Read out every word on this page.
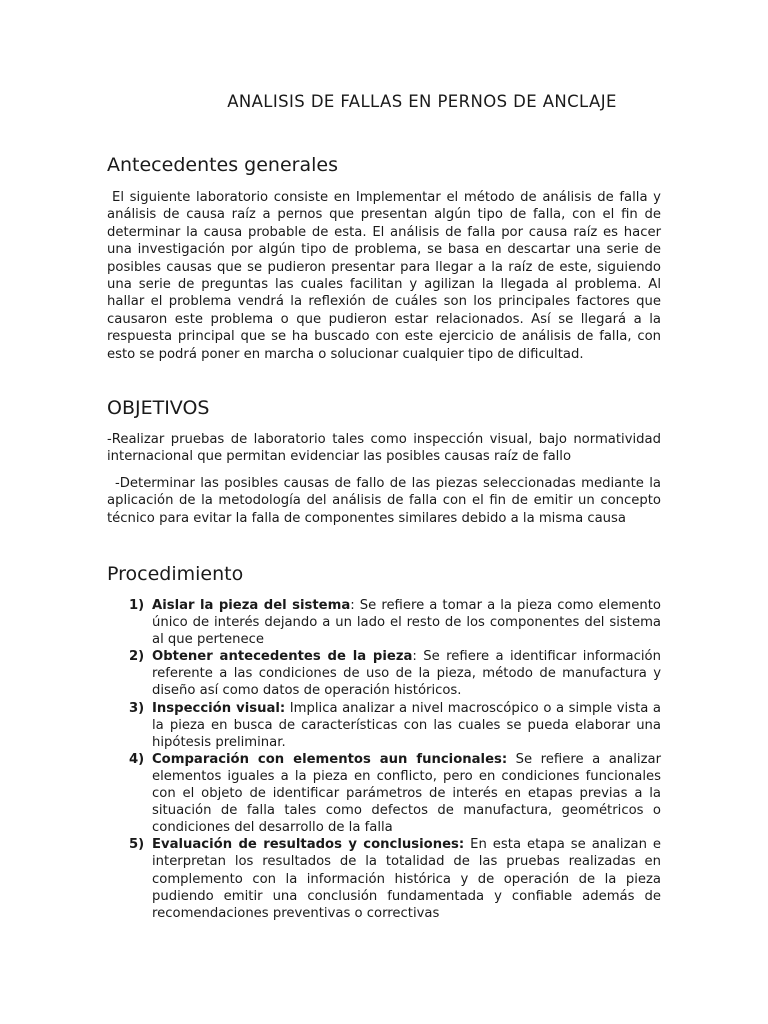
ANALISIS DE FALLAS EN PERNOS DE ANCLAJE
Antecedentes generales

El siguiente laboratorio consiste en Implementar el método de análisis de falla y análisis de causa raíz a pernos que presentan algún tipo de falla, con el fin de determinar la causa probable de esta. El análisis de falla por causa raíz es hacer una investigación por algún tipo de problema, se basa en descartar una serie de posibles causas que se pudieron presentar para llegar a la raíz de este, siguiendo una serie de preguntas las cuales facilitan y agilizan la llegada al problema. Al hallar el problema vendrá la reflexión de cuáles son los principales factores que causaron este problema o que pudieron estar relacionados. Así se llegará a la respuesta principal que se ha buscado con este ejercicio de análisis de falla, con esto se podrá poner en marcha o solucionar cualquier tipo de dificultad.

OBJETIVOS

-Realizar pruebas de laboratorio tales como inspección visual, bajo normatividad internacional que permitan evidenciar las posibles causas raíz de fallo

-Determinar las posibles causas de fallo de las piezas seleccionadas mediante la aplicación de la metodología del análisis de falla con el fin de emitir un concepto técnico para evitar la falla de componentes similares debido a la misma causa

Procedimiento
1) Aislar la pieza del sistema: Se refiere a tomar a la pieza como elemento único de interés dejando a un lado el resto de los componentes del sistema al que pertenece
2) Obtener antecedentes de la pieza: Se refiere a identificar información referente a las condiciones de uso de la pieza, método de manufactura y diseño así como datos de operación históricos.
3) Inspección visual: Implica analizar a nivel macroscópico o a simple vista a la pieza en busca de características con las cuales se pueda elaborar una hipótesis preliminar.
4) Comparación con elementos aun funcionales: Se refiere a analizar elementos iguales a la pieza en conflicto, pero en condiciones funcionales con el objeto de identificar parámetros de interés en etapas previas a la situación de falla tales como defectos de manufactura, geométricos o condiciones del desarrollo de la falla
5) Evaluación de resultados y conclusiones: En esta etapa se analizan e interpretan los resultados de la totalidad de las pruebas realizadas en complemento con la información histórica y de operación de la pieza pudiendo emitir una conclusión fundamentada y confiable además de recomendaciones preventivas o correctivas
